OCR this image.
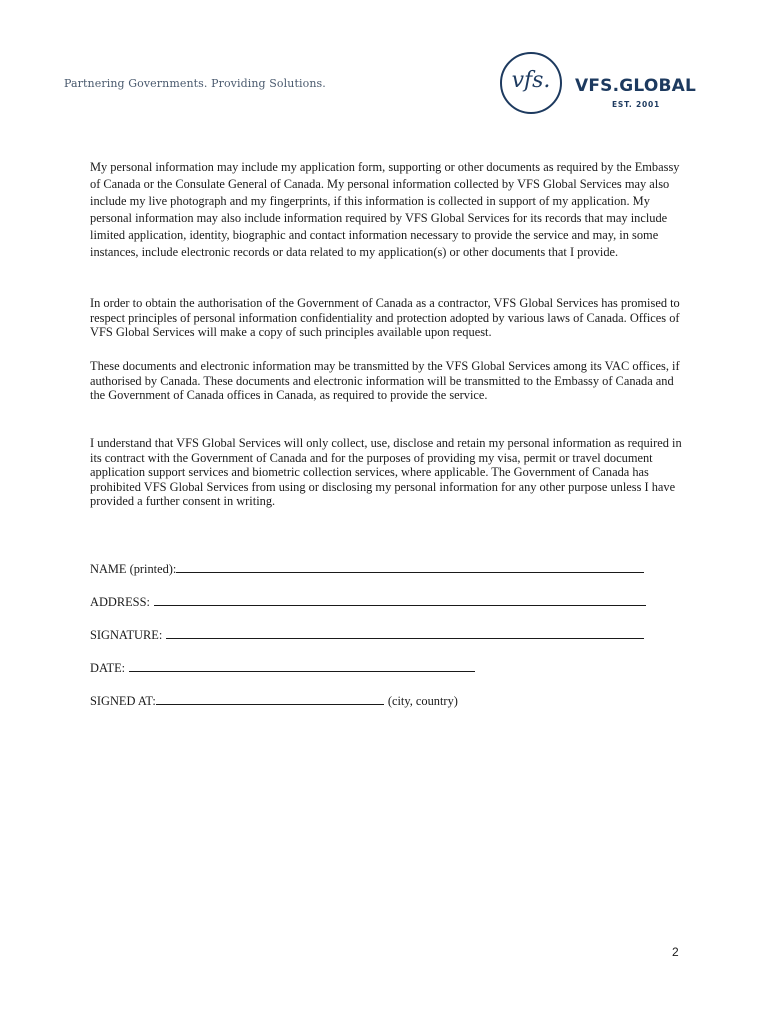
Partnering Governments. Providing Solutions.	vfs.	VFS.GLOBAL
EST. 2001

My personal information may include my application form, supporting or other documents as required by the Embassy of Canada or the Consulate General of Canada. My personal information collected by VFS Global Services may also include my live photograph and my fingerprints, if this information is collected in support of my application. My personal information may also include information required by VFS Global Services for its records that may include limited application, identity, biographic and contact information necessary to provide the service and may, in some instances, include electronic records or data related to my application(s) or other documents that I provide.

In order to obtain the authorisation of the Government of Canada as a contractor, VFS Global Services has promised to respect principles of personal information confidentiality and protection adopted by various laws of Canada. Offices of VFS Global Services will make a copy of such principles available upon request.

These documents and electronic information may be transmitted by the VFS Global Services among its VAC offices, if authorised by Canada. These documents and electronic information will be transmitted to the Embassy of Canada and the Government of Canada offices in Canada, as required to provide the service.

I understand that VFS Global Services will only collect, use, disclose and retain my personal information as required in its contract with the Government of Canada and for the purposes of providing my visa, permit or travel document application support services and biometric collection services, where applicable. The Government of Canada has prohibited VFS Global Services from using or disclosing my personal information for any other purpose unless I have provided a further consent in writing.

NAME (printed):
ADDRESS:
SIGNATURE:
DATE:
SIGNED AT:	(city, country)
2
